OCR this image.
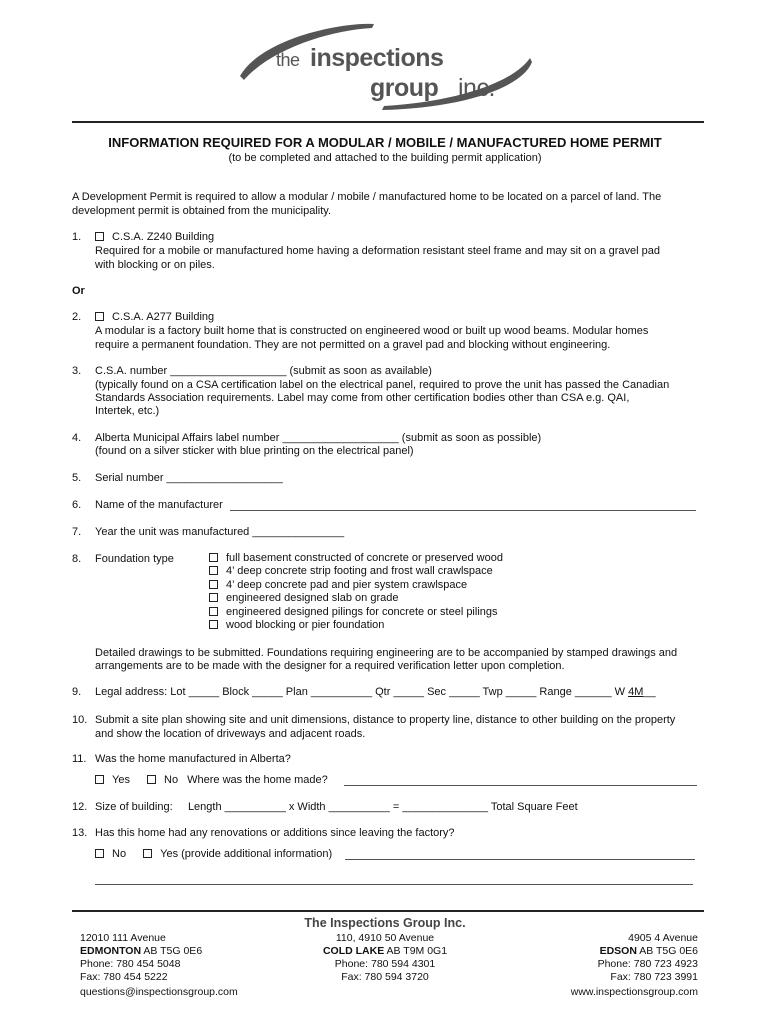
the inspections
group inc.
INFORMATION REQUIRED FOR A MODULAR / MOBILE / MANUFACTURED HOME PERMIT
(to be completed and attached to the building permit application)
A Development Permit is required to allow a modular / mobile / manufactured home to be located on a parcel of land. The
development permit is obtained from the municipality.
1.	C.S.A. Z240 Building
Required for a mobile or manufactured home having a deformation resistant steel frame and may sit on a gravel pad
with blocking or on piles.
Or
2.	C.S.A. A277 Building
A modular is a factory built home that is constructed on engineered wood or built up wood beams. Modular homes
require a permanent foundation. They are not permitted on a gravel pad and blocking without engineering.
3. C.S.A. number ___________________ (submit as soon as available)
(typically found on a CSA certification label on the electrical panel, required to prove the unit has passed the Canadian
Standards Association requirements. Label may come from other certification bodies other than CSA e.g. QAI,
Intertek, etc.)
4. Alberta Municipal Affairs label number ___________________ (submit as soon as possible)
(found on a silver sticker with blue printing on the electrical panel)
5. Serial number ___________________
6. Name of the manufacturer
7. Year the unit was manufactured _______________
8. Foundation type	full basement constructed of concrete or preserved wood
4’ deep concrete strip footing and frost wall crawlspace
4’ deep concrete pad and pier system crawlspace
engineered designed slab on grade
engineered designed pilings for concrete or steel pilings
wood blocking or pier foundation
Detailed drawings to be submitted. Foundations requiring engineering are to be accompanied by stamped drawings and
arrangements are to be made with the designer for a required verification letter upon completion.
9. Legal address: Lot _____ Block _____ Plan __________ Qtr _____ Sec _____ Twp _____ Range ______ W 4M__
10. Submit a site plan showing site and unit dimensions, distance to property line, distance to other building on the property
and show the location of driveways and adjacent roads.
11. Was the home manufactured in Alberta?
Yes	No Where was the home made?
12. Size of building:     Length __________ x Width __________ = ______________ Total Square Feet
13. Has this home had any renovations or additions since leaving the factory?
No	Yes (provide additional information)
The Inspections Group Inc.
12010 111 Avenue
EDMONTON AB T5G 0E6
Phone: 780 454 5048
Fax: 780 454 5222
questions@inspectionsgroup.com
110, 4910 50 Avenue
COLD LAKE AB T9M 0G1
Phone: 780 594 4301
Fax: 780 594 3720
4905 4 Avenue
EDSON AB T5G 0E6
Phone: 780 723 4923
Fax: 780 723 3991
www.inspectionsgroup.com
